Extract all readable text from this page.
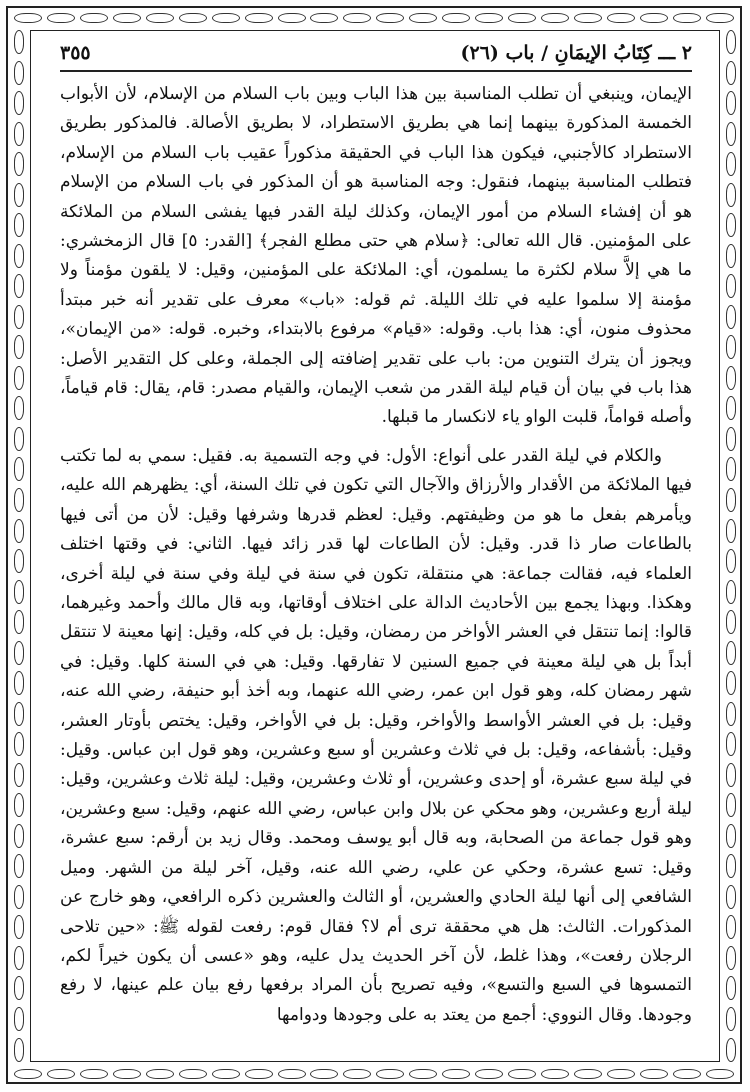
٢ ـــ كِتَابُ الإيمَانِ / باب (٢٦)
٣٥٥

الإيمان، وينبغي أن تطلب المناسبة بين هذا الباب وبين باب السلام من الإسلام، لأن الأبواب الخمسة المذكورة بينهما إنما هي بطريق الاستطراد، لا بطريق الأصالة. فالمذكور بطريق الاستطراد كالأجنبي، فيكون هذا الباب في الحقيقة مذكوراً عقيب باب السلام من الإسلام، فتطلب المناسبة بينهما، فنقول: وجه المناسبة هو أن المذكور في باب السلام من الإسلام هو أن إفشاء السلام من أمور الإيمان، وكذلك ليلة القدر فيها يفشى السلام من الملائكة على المؤمنين. قال الله تعالى: ﴿سلام هي حتى مطلع الفجر﴾ [القدر: ٥] قال الزمخشري: ما هي إلاَّ سلام لكثرة ما يسلمون، أي: الملائكة على المؤمنين، وقيل: لا يلقون مؤمناً ولا مؤمنة إلا سلموا عليه في تلك الليلة. ثم قوله: «باب» معرف على تقدير أنه خبر مبتدأ محذوف منون، أي: هذا باب. وقوله: «قيام» مرفوع بالابتداء، وخبره. قوله: «من الإيمان»، ويجوز أن يترك التنوين من: باب على تقدير إضافته إلى الجملة، وعلى كل التقدير الأصل: هذا باب في بيان أن قيام ليلة القدر من شعب الإيمان، والقيام مصدر: قام، يقال: قام قياماً، وأصله قواماً، قلبت الواو ياء لانكسار ما قبلها.

والكلام في ليلة القدر على أنواع: الأول: في وجه التسمية به. فقيل: سمي به لما تكتب فيها الملائكة من الأقدار والأرزاق والآجال التي تكون في تلك السنة، أي: يظهرهم الله عليه، ويأمرهم بفعل ما هو من وظيفتهم. وقيل: لعظم قدرها وشرفها وقيل: لأن من أتى فيها بالطاعات صار ذا قدر. وقيل: لأن الطاعات لها قدر زائد فيها. الثاني: في وقتها اختلف العلماء فيه، فقالت جماعة: هي منتقلة، تكون في سنة في ليلة وفي سنة في ليلة أخرى، وهكذا. وبهذا يجمع بين الأحاديث الدالة على اختلاف أوقاتها، وبه قال مالك وأحمد وغيرهما، قالوا: إنما تنتقل في العشر الأواخر من رمضان، وقيل: بل في كله، وقيل: إنها معينة لا تنتقل أبداً بل هي ليلة معينة في جميع السنين لا تفارقها. وقيل: هي في السنة كلها. وقيل: في شهر رمضان كله، وهو قول ابن عمر، رضي الله عنهما، وبه أخذ أبو حنيفة، رضي الله عنه، وقيل: بل في العشر الأواسط والأواخر، وقيل: بل في الأواخر، وقيل: يختص بأوتار العشر، وقيل: بأشفاعه، وقيل: بل في ثلاث وعشرين أو سبع وعشرين، وهو قول ابن عباس. وقيل: في ليلة سبع عشرة، أو إحدى وعشرين، أو ثلاث وعشرين، وقيل: ليلة ثلاث وعشرين، وقيل: ليلة أربع وعشرين، وهو محكي عن بلال وابن عباس، رضي الله عنهم، وقيل: سبع وعشرين، وهو قول جماعة من الصحابة، وبه قال أبو يوسف ومحمد. وقال زيد بن أرقم: سبع عشرة، وقيل: تسع عشرة، وحكي عن علي، رضي الله عنه، وقيل، آخر ليلة من الشهر. وميل الشافعي إلى أنها ليلة الحادي والعشرين، أو الثالث والعشرين ذكره الرافعي، وهو خارج عن المذكورات. الثالث: هل هي محققة ترى أم لا؟ فقال قوم: رفعت لقوله ﷺ: «حين تلاحى الرجلان رفعت»، وهذا غلط، لأن آخر الحديث يدل عليه، وهو «عسى أن يكون خيراً لكم، التمسوها في السبع والتسع»، وفيه تصريح بأن المراد برفعها رفع بيان علم عينها، لا رفع وجودها. وقال النووي: أجمع من يعتد به على وجودها ودوامها
